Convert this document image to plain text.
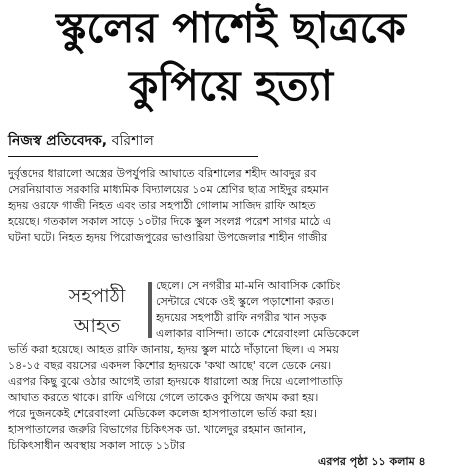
স্কুলের পাশেই ছাত্রকে
কুপিয়ে হত্যা
নিজস্ব প্রতিবেদক, বরিশাল
দুর্বৃত্তদের ধারালো অস্ত্রের উপর্যুপরি আঘাতে বরিশালের শহীদ আবদুর রব
সেরনিয়াবাত সরকারি মাধ্যমিক বিদ্যালয়ের ১০ম শ্রেণির ছাত্র সাইদুর রহমান
হৃদয় ওরফে গাজী নিহত এবং তার সহপাঠী গোলাম সাজিদ রাফি আহত
হয়েছে। গতকাল সকাল সাড়ে ১০টার দিকে স্কুল সংলগ্ন পরেশ সাগর মাঠে এ
ঘটনা ঘটে। নিহত হৃদয় পিরোজপুরের ভাণ্ডারিয়া উপজেলার শাহীন গাজীর
সহপাঠী
আহত
ছেলে। সে নগরীর মা-মনি আবাসিক কোচিং
সেন্টারে থেকে ওই স্কুলে পড়াশোনা করত।
হৃদয়ের সহপাঠী রাফি নগরীর খান সড়ক
এলাকার বাসিন্দা। তাকে শেরেবাংলা মেডিকেলে
ভর্তি করা হয়েছে। আহত রাফি জানায়, হৃদয় স্কুল মাঠে দাঁড়ানো ছিল। এ সময়
১৪-১৫ বছর বয়সের একদল কিশোর হৃদয়কে 'কথা আছে' বলে ডেকে নেয়।
এরপর কিছু বুঝে ওঠার আগেই তারা হৃদয়কে ধারালো অস্ত্র দিয়ে এলোপাতাড়ি
আঘাত করতে থাকে। রাফি এগিয়ে গেলে তাকেও কুপিয়ে জখম করা হয়।
পরে দুজনকেই শেরেবাংলা মেডিকেল কলেজ হাসপাতালে ভর্তি করা হয়।
হাসপাতালের জরুরি বিভাগের চিকিৎসক ডা. খালেদুর রহমান জানান,
চিকিৎসাধীন অবস্থায় সকাল সাড়ে ১১টার
এরপর পৃষ্ঠা ১১ কলাম ৪
